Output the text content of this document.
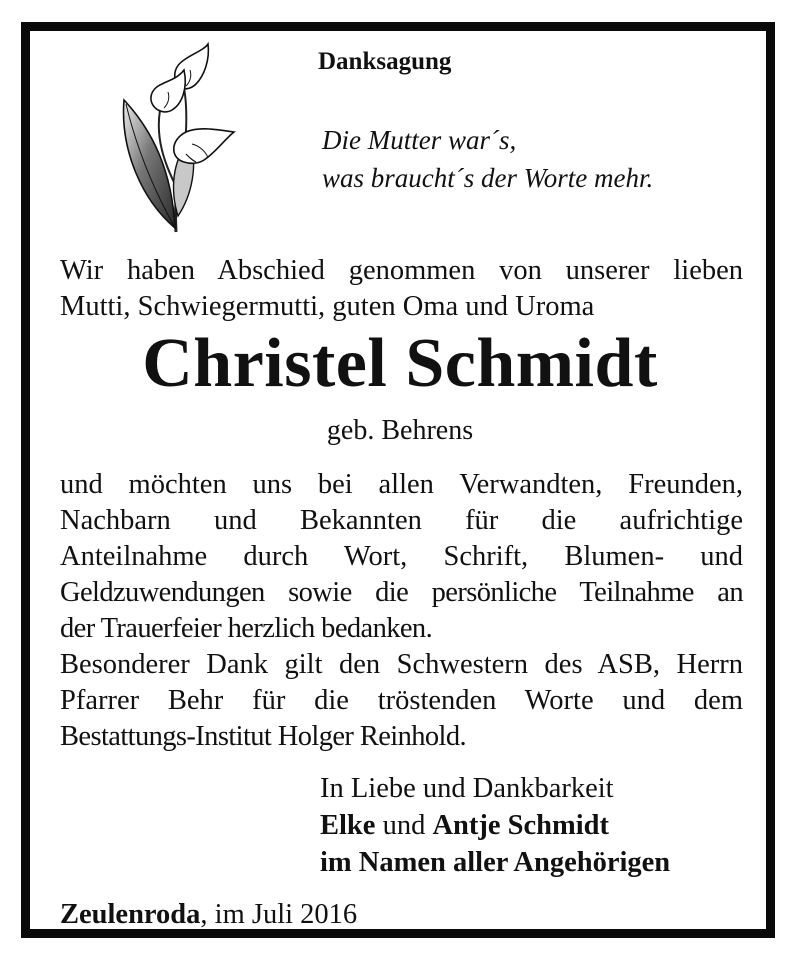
Danksagung
Die Mutter war´s,
was braucht´s der Worte mehr.
Wir haben Abschied genommen von unserer lieben
Mutti, Schwiegermutti, guten Oma und Uroma
Christel Schmidt
geb. Behrens
und möchten uns bei allen Verwandten, Freunden,
Nachbarn und Bekannten für die aufrichtige
Anteilnahme durch Wort, Schrift, Blumen- und
Geldzuwendungen sowie die persönliche Teilnahme an
der Trauerfeier herzlich bedanken.
Besonderer Dank gilt den Schwestern des ASB, Herrn
Pfarrer Behr für die tröstenden Worte und dem
Bestattungs-Institut Holger Reinhold.
In Liebe und Dankbarkeit
Elke und Antje Schmidt
im Namen aller Angehörigen
Zeulenroda, im Juli 2016
